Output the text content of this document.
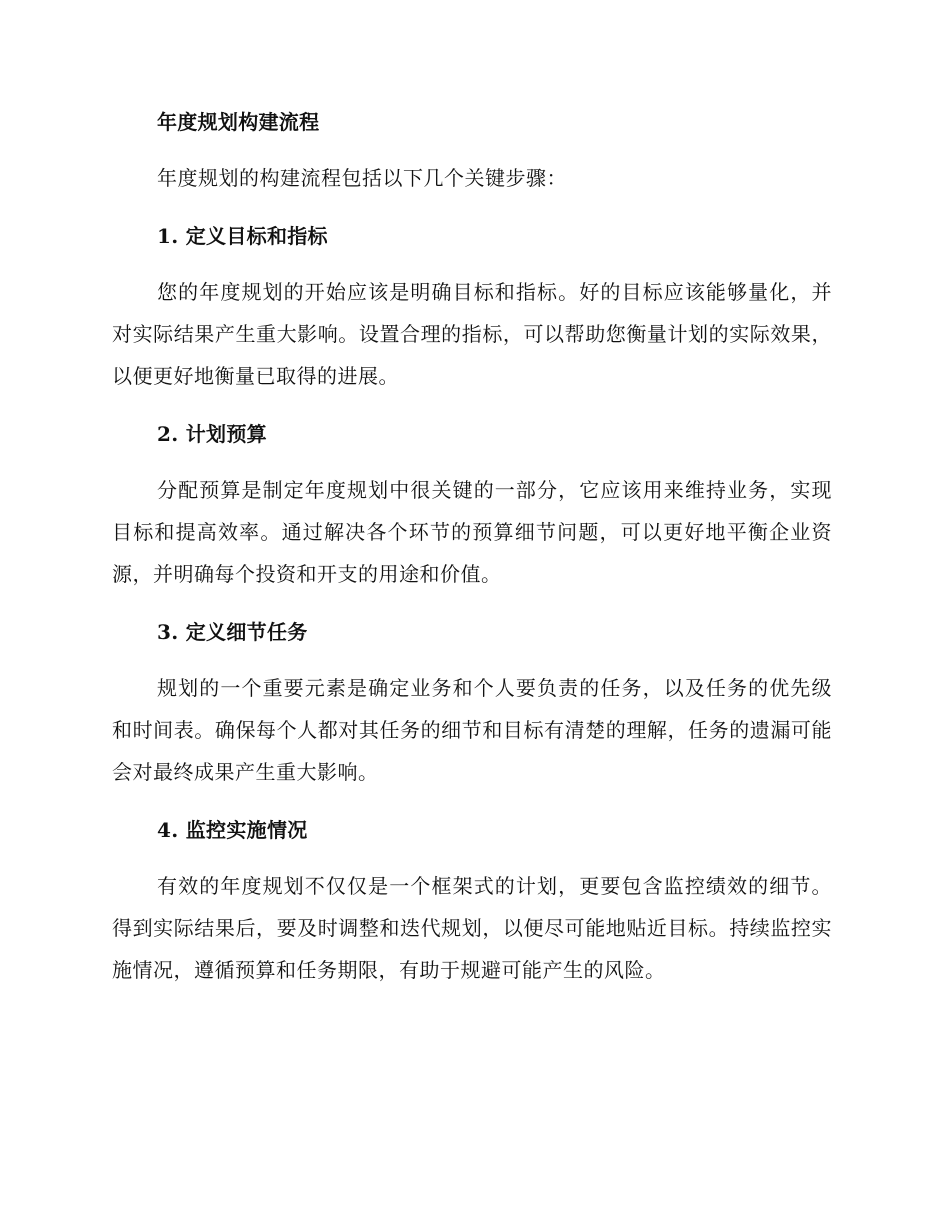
年度规划构建流程

年度规划的构建流程包括以下几个关键步骤：

1. 定义目标和指标

您的年度规划的开始应该是明确目标和指标。好的目标应该能够量化，并对实际结果产生重大影响。设置合理的指标，可以帮助您衡量计划的实际效果，以便更好地衡量已取得的进展。

2. 计划预算

分配预算是制定年度规划中很关键的一部分，它应该用来维持业务，实现目标和提高效率。通过解决各个环节的预算细节问题，可以更好地平衡企业资源，并明确每个投资和开支的用途和价值。

3. 定义细节任务

规划的一个重要元素是确定业务和个人要负责的任务，以及任务的优先级和时间表。确保每个人都对其任务的细节和目标有清楚的理解，任务的遗漏可能会对最终成果产生重大影响。

4. 监控实施情况

有效的年度规划不仅仅是一个框架式的计划，更要包含监控绩效的细节。得到实际结果后，要及时调整和迭代规划，以便尽可能地贴近目标。持续监控实施情况，遵循预算和任务期限，有助于规避可能产生的风险。
